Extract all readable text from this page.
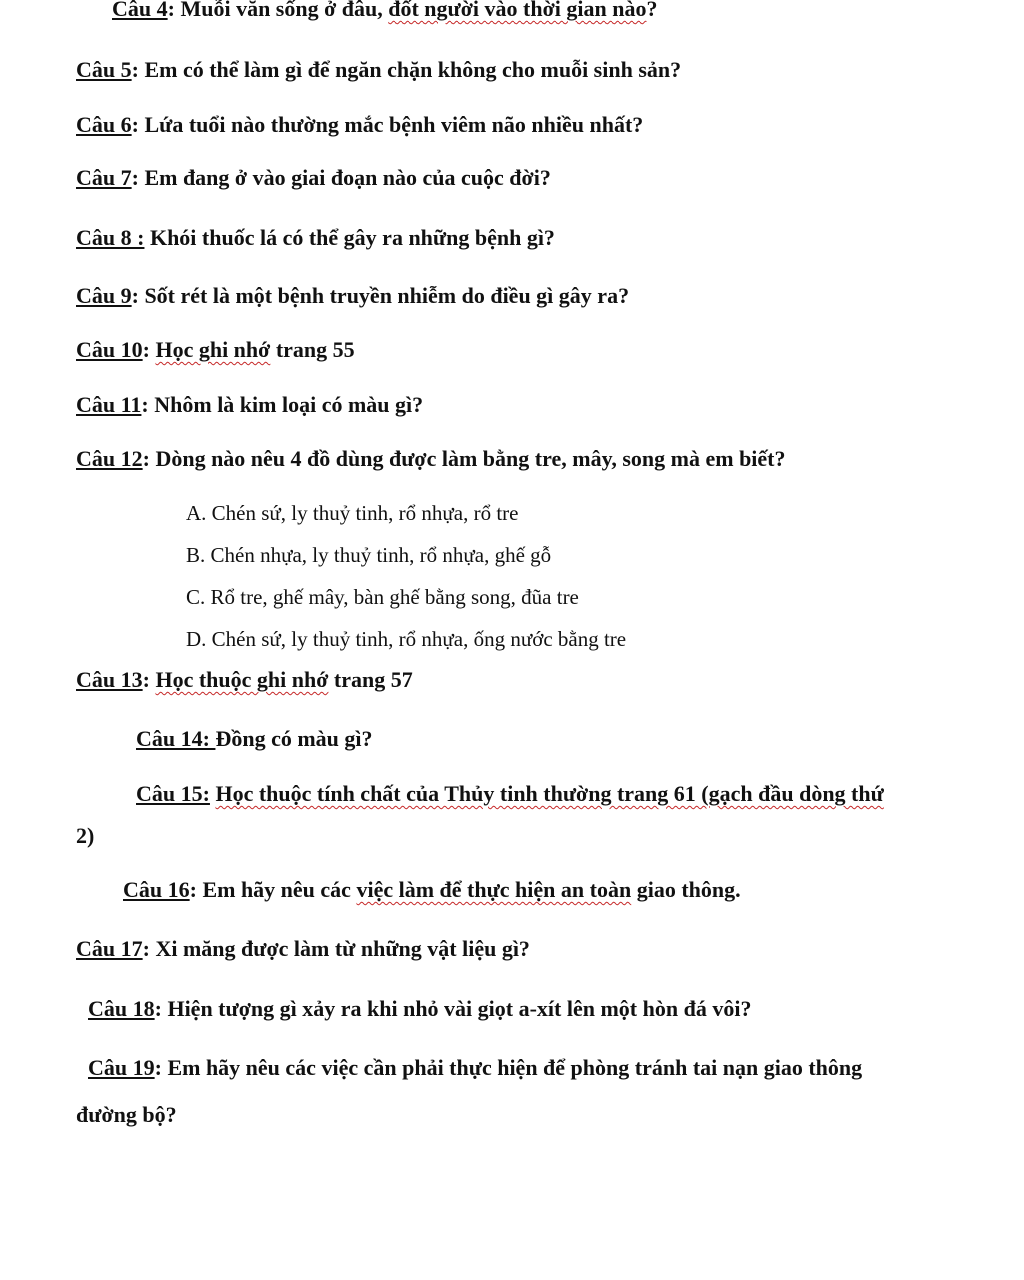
Câu 4: Muỗi văn sống ở đâu, đốt người vào thời gian nào?
Câu 5: Em có thể làm gì để ngăn chặn không cho muỗi sinh sản?
Câu 6: Lứa tuổi nào thường mắc bệnh viêm não nhiều nhất?
Câu 7: Em đang ở vào giai đoạn nào của cuộc đời?
Câu 8 : Khói thuốc lá có thể gây ra những bệnh gì?
Câu 9: Sốt rét là một bệnh truyền nhiễm do điều gì gây ra?
Câu 10: Học ghi nhớ trang 55
Câu 11: Nhôm là kim loại có màu gì?
Câu 12: Dòng nào nêu 4 đồ dùng được làm bằng tre, mây, song mà em biết?
A. Chén sứ, ly thuỷ tinh, rổ nhựa, rổ tre
B. Chén nhựa, ly thuỷ tinh, rổ nhựa, ghế gỗ
C. Rổ tre, ghế mây, bàn ghế bằng song, đũa tre
D. Chén sứ, ly thuỷ tinh, rổ nhựa, ống nước bằng tre
Câu 13: Học thuộc ghi nhớ trang 57
Câu 14: Đồng có màu gì?
Câu 15: Học thuộc tính chất của Thủy tinh thường trang 61 (gạch đầu dòng thứ
2)
Câu 16: Em hãy nêu các việc làm để thực hiện an toàn giao thông.
Câu 17: Xi măng được làm từ những vật liệu gì?
Câu 18: Hiện tượng gì xảy ra khi nhỏ vài giọt a-xít lên một hòn đá vôi?
Câu 19: Em hãy nêu các việc cần phải thực hiện để phòng tránh tai nạn giao thông
đường bộ?
